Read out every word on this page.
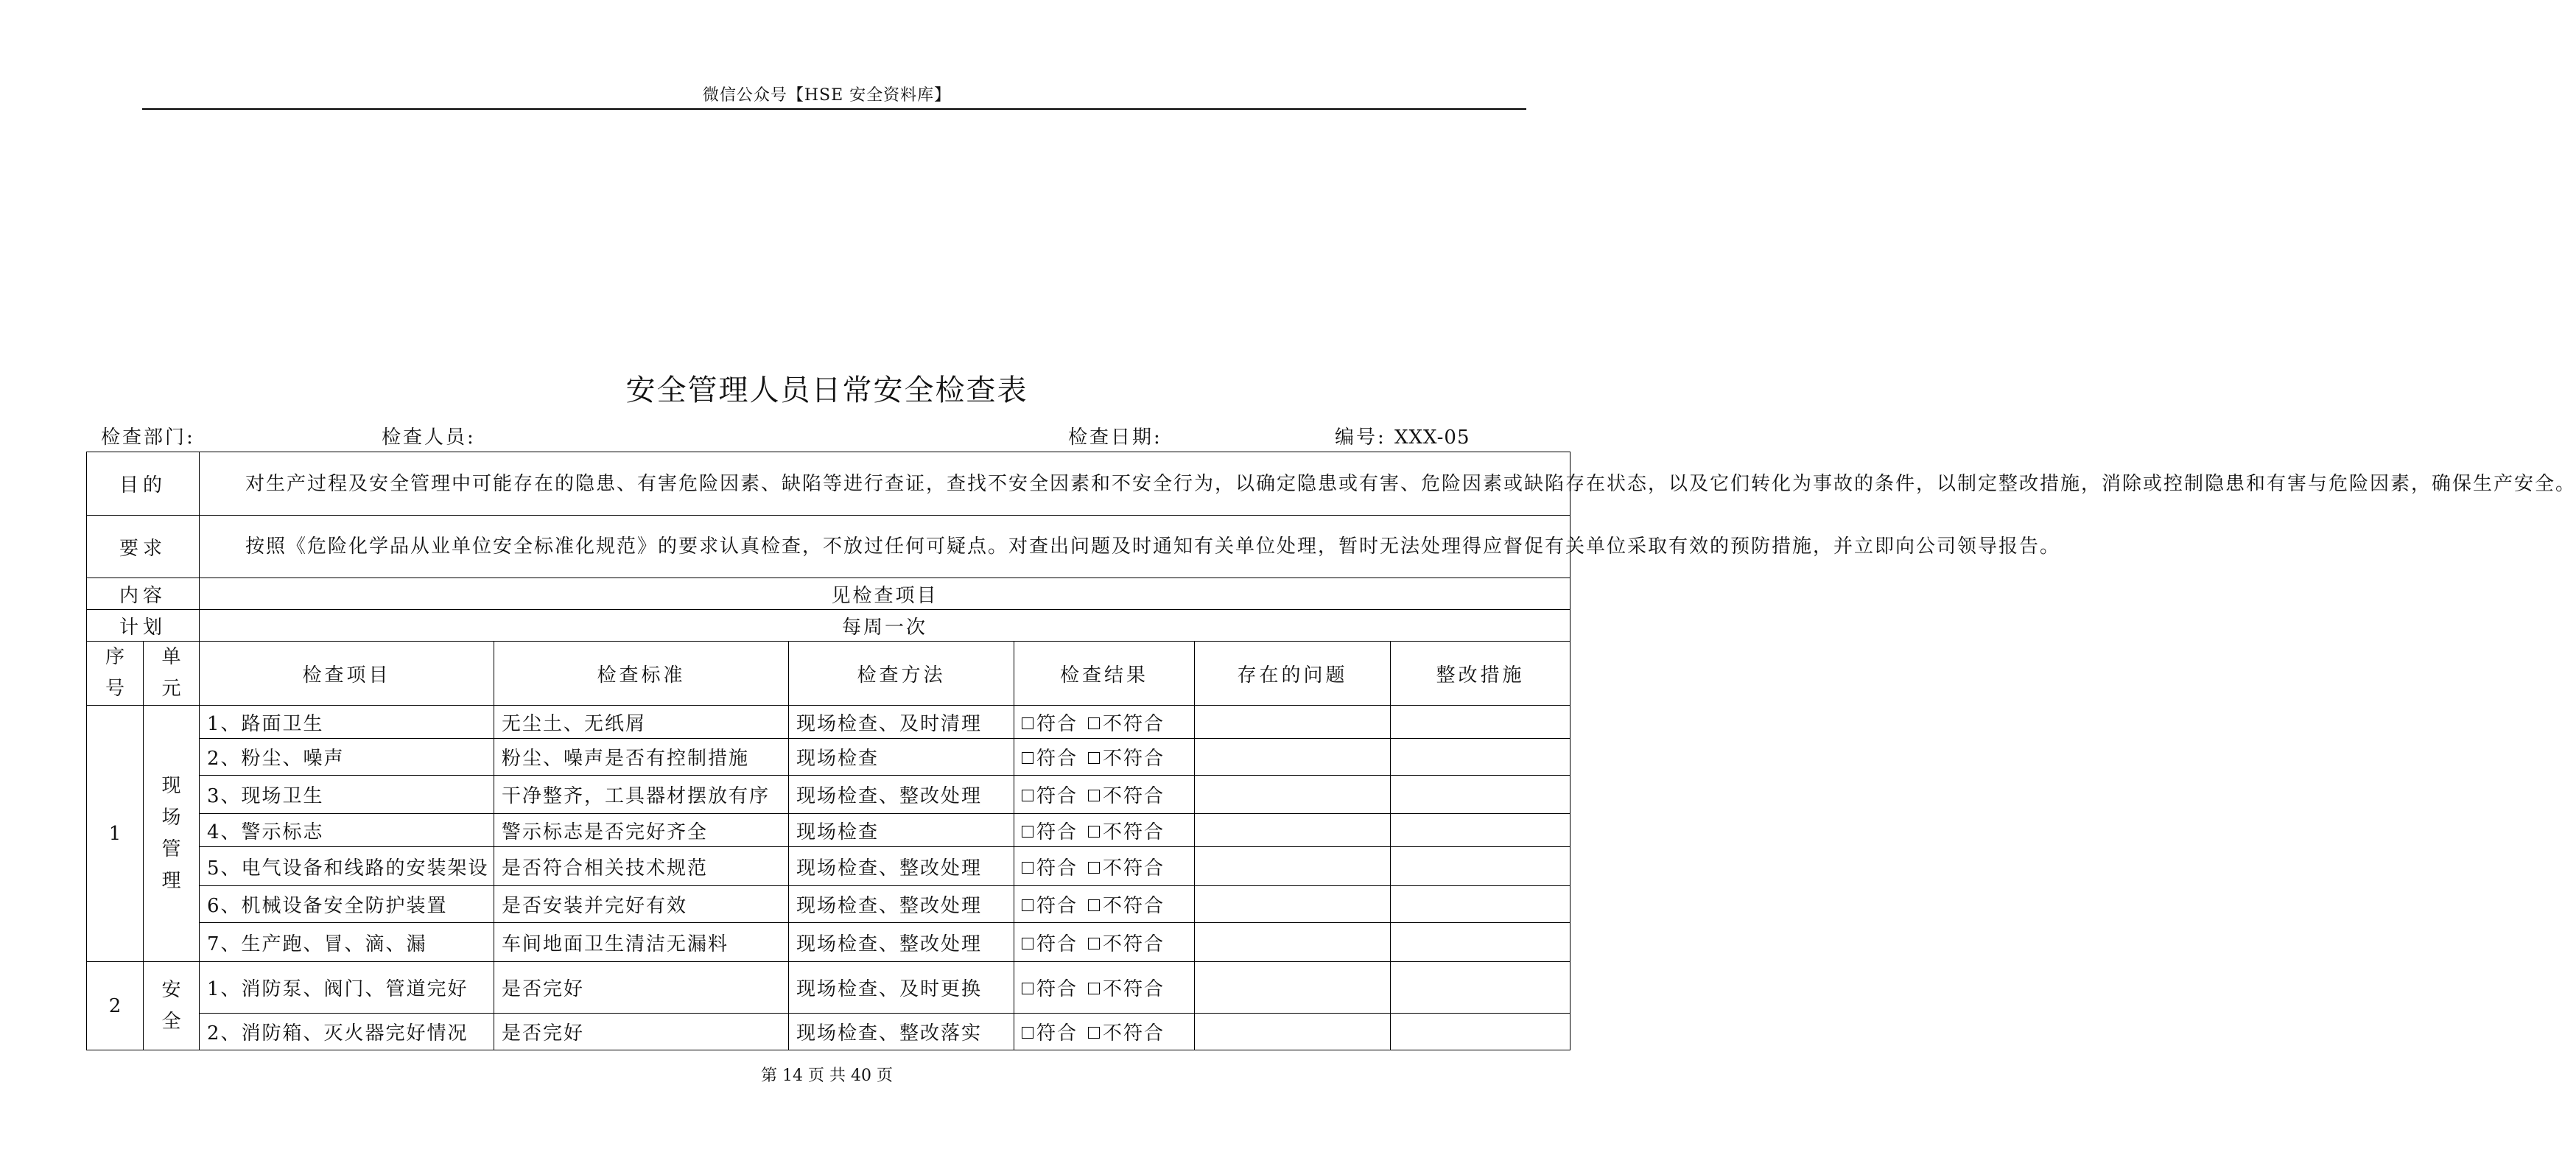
微信公众号【HSE 安全资料库】
安全管理人员日常安全检查表
检查部门:	检查人员:	检查日期:	编号: XXX-05
目的		对生产过程及安全管理中可能存在的隐患、有害危险因素、缺陷等进行查证，查找不安全因素和不安全行为，以确定隐患或有害、危险因素或缺陷存在状态，以及它们转化为事故的条件，以制定整改措施，消除或控制隐患和有害与危险因素，确保生产安全。					
要求		按照《危险化学品从业单位安全标准化规范》的要求认真检查，不放过任何可疑点。对查出问题及时通知有关单位处理，暂时无法处理得应督促有关单位采取有效的预防措施，并立即向公司领导报告。					
内容		见检查项目					
计划		每周一次					

序
号	单
元	检查项目	检查标准	检查方法	检查结果	存在的问题	整改措施
1	现
场
管
理	1、路面卫生	无尘土、无纸屑	现场检查、及时清理	符合 不符合		
		2、粉尘、噪声	粉尘、噪声是否有控制措施	现场检查	符合 不符合		
		3、现场卫生	干净整齐，工具器材摆放有序	现场检查、整改处理	符合 不符合		
		4、警示标志	警示标志是否完好齐全	现场检查	符合 不符合		
		5、电气设备和线路的安装架设	是否符合相关技术规范	现场检查、整改处理	符合 不符合		
		6、机械设备安全防护装置	是否安装并完好有效	现场检查、整改处理	符合 不符合		
		7、生产跑、冒、滴、漏	车间地面卫生清洁无漏料	现场检查、整改处理	符合 不符合		
2	安
全	1、消防泵、阀门、管道完好	是否完好	现场检查、及时更换	符合 不符合		
		2、消防箱、灭火器完好情况	是否完好	现场检查、整改落实	符合 不符合		
第 14 页 共 40 页
